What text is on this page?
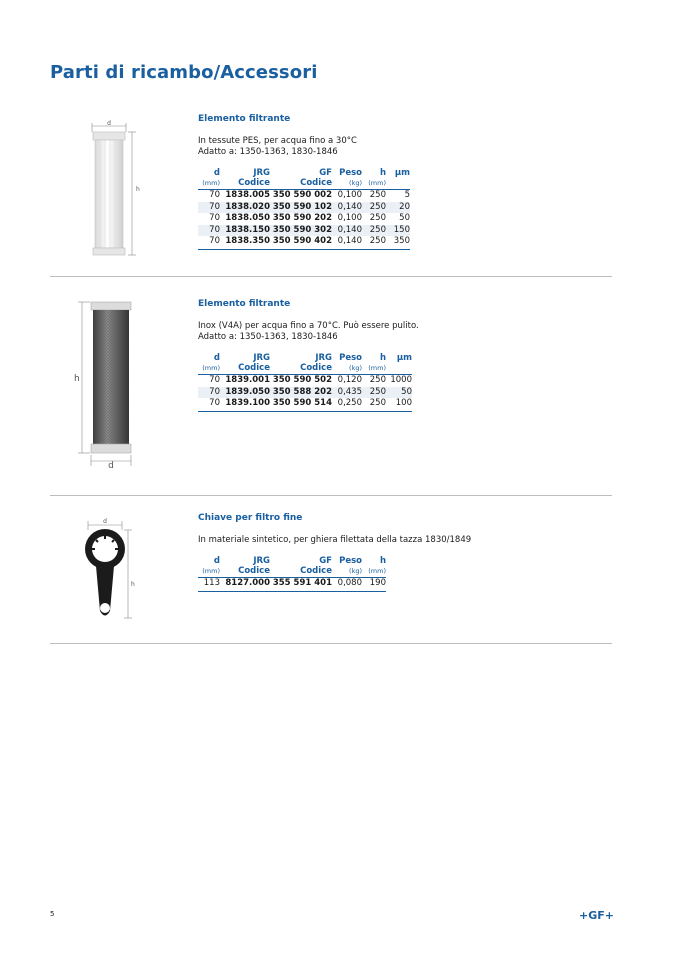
Parti di ricambo/Accessori
d
h
Elemento filtrante
In tessute PES, per acqua fino a 30°C
Adatto a: 1350-1363, 1830-1846
d	JRG	GF	Peso	h	µm
(mm)	Codice	Codice	(kg)	(mm)	
70	1838.005	350 590 002	0,100	250	5
70	1838.020	350 590 102	0,140	250	20
70	1838.050	350 590 202	0,100	250	50
70	1838.150	350 590 302	0,140	250	150
70	1838.350	350 590 402	0,140	250	350
h
d
Elemento filtrante
Inox (V4A) per acqua fino a 70°C. Può essere pulito.
Adatto a: 1350-1363, 1830-1846
d	JRG	JRG	Peso	h	µm
(mm)	Codice	Codice	(kg)	(mm)	
70	1839.001	350 590 502	0,120	250	1000
70	1839.050	350 588 202	0,435	250	50
70	1839.100	350 590 514	0,250	250	100
d
h
Chiave per filtro fine
In materiale sintetico, per ghiera filettata della tazza 1830/1849
d	JRG	GF	Peso	h
(mm)	Codice	Codice	(kg)	(mm)
113	8127.000	355 591 401	0,080	190
5	+GF+
